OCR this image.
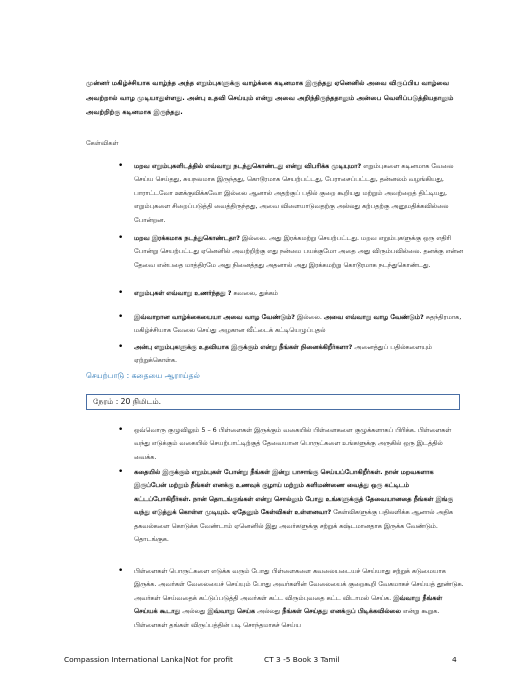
முன்னர் மகிழ்ச்சியாக வாழ்ந்த அந்த எறும்புகளுக்கு வாழ்க்கை கடினமாக இருந்தது ஏனெனில் அவை விருப்பிய வாழ்வை அவற்றால் வாழ முடியாதுள்ளது. அன்பு உதவி செய்யும் என்று அவை அறிந்திருந்ததாலும் அன்பை வெளிப்படுத்தியதாலும் அவற்றிற்கு கடினமாக இருந்தது.
கேள்விகள்
•	மறவ எறும்புகளிடத்தில் எவ்வாறு நடந்துகொண்டது என்று விபரிக்க முடியுமா? எறும்புகளை கடினமாக வேலை செய்ய செய்தது, சுயநலமாக இருந்தது, கொடூரமாக செயற்பட்டது, பேராசைப்பட்டது, தன்னலம் வழங்கியது, பாராட்டவோ ஊக்குவிக்கவோ இல்லை ஆனால் அதற்குப் பதில் குறை கூறியது மற்றும் அவற்றைத் திட்டியது, எறும்புகளை சிறைப்படுத்தி வைத்திருந்தது, அவை விளையாடுவதற்கு அல்லது கற்பதற்கு அனுமதிக்கவில்லை போன்றன.
•	மறவ இரக்கமாக நடந்துகொண்டதா? இல்லை. அது இரக்கமற்று செயற்பட்டது. மறவ எறும்புகளுக்கு ஒரு எதிரி போன்று செயற்பட்டது ஏனெனில் அவற்றிற்கு எது நன்மை பயக்குமோ அதை அது விரும்பவில்லை. தனக்கு என்ன தேவை என்பதை மாத்திரமே அது நினைத்தது அதனால் அது இரக்கமற்று கொடூரமாக நடந்துகொண்டது.
•	எறும்புகள் எவ்வாறு உணர்ந்தது ? கவலை, துக்கம்
•	இவ்வாறான வாழ்க்கையையா அவை வாழ வேண்டும்? இல்லை. அவை எவ்வாறு வாழ வேண்டும்? சுதந்திரமாக, மகிழ்ச்சியாக வேலை செய்து அழகான வீட்டைக் கட்டியெழுப்புதல்
•	அன்பு எறும்புகளுக்கு உதவியாக இருக்கும் என்று நீங்கள் நினைக்கிறீர்களா? அனைத்துப் பதில்களையும் ஏற்றுக்கொள்க.
செயற்பாடு : கதையை ஆராய்தல்
நேரம் : 20 நிமிடம்.
•	ஒவ்வொரு குழுவிலும் 5 – 6 பிள்ளைகள் இருக்கும் வகையில் பிள்ளைகளை குழுக்களாகப் பிரிக்க. பிள்ளைகள் வந்து எடுக்கும் வகையில் செயற்பாட்டிற்குத் தேவையான பொருட்களை உங்களுக்கு அருகில் ஒரு இடத்தில் வைக்க.
•	கதையில் இருக்கும் எறும்புகள் போன்று நீங்கள் இன்று பாசாங்கு செய்யப்போகிறீர்கள். நான் மறவகளாக இருப்பேன் மற்றும் நீங்கள் எனக்கு உணவுக் குழாய் மற்றும் களிமண்ணை வைத்து ஒரு கட்டிடம் கட்டப்போகிறீர்கள். நான் தொடங்குங்கள் என்று சொல்லும் போது உங்களுக்குத் தேவையானதை நீங்கள் இங்கு வந்து எடுத்துக் கொள்ள முடியும். ஏதேனும் கேள்விகள் உள்ளனவா? கேள்விகளுக்கு பதிலளிக்க ஆனால் அதிக தகவல்களை கொடுக்க வேண்டாம் ஏனெனில் இது அவர்களுக்கு சற்றுக் கஷ்டமானதாக இருக்க வேண்டும். தொடங்குக.
•	பிள்ளைகள் பொருட்களை எடுக்க வரும் போது பிள்ளைகளை கவலையடையச் செய்யாது சற்றுக் கடுமையாக இருக்க. அவர்கள் வேலையைச் செய்யும் போது அவர்களின் வேலையைக் குறைகூறி வேகமாகச் செய்யத் தூண்டுக. அவர்கள் செய்வதைக் கட்டுப்படுத்தி அவர்கள் கட்ட விரும்புவதை கட்ட விடாமல் செய்க. இவ்வாறு நீங்கள் செய்யக் கூடாது அல்லது இவ்வாறு செய்க அல்லது நீங்கள் செய்தது எனக்குப் பிடிக்கவில்லை என்று கூறுக. பிள்ளைகள் தங்கள் விருப்பத்தின் படி சொந்தமாகச் செய்ய
Compassion International Lanka|Not for profit	CT 3 -5 Book 3 Tamil	4
